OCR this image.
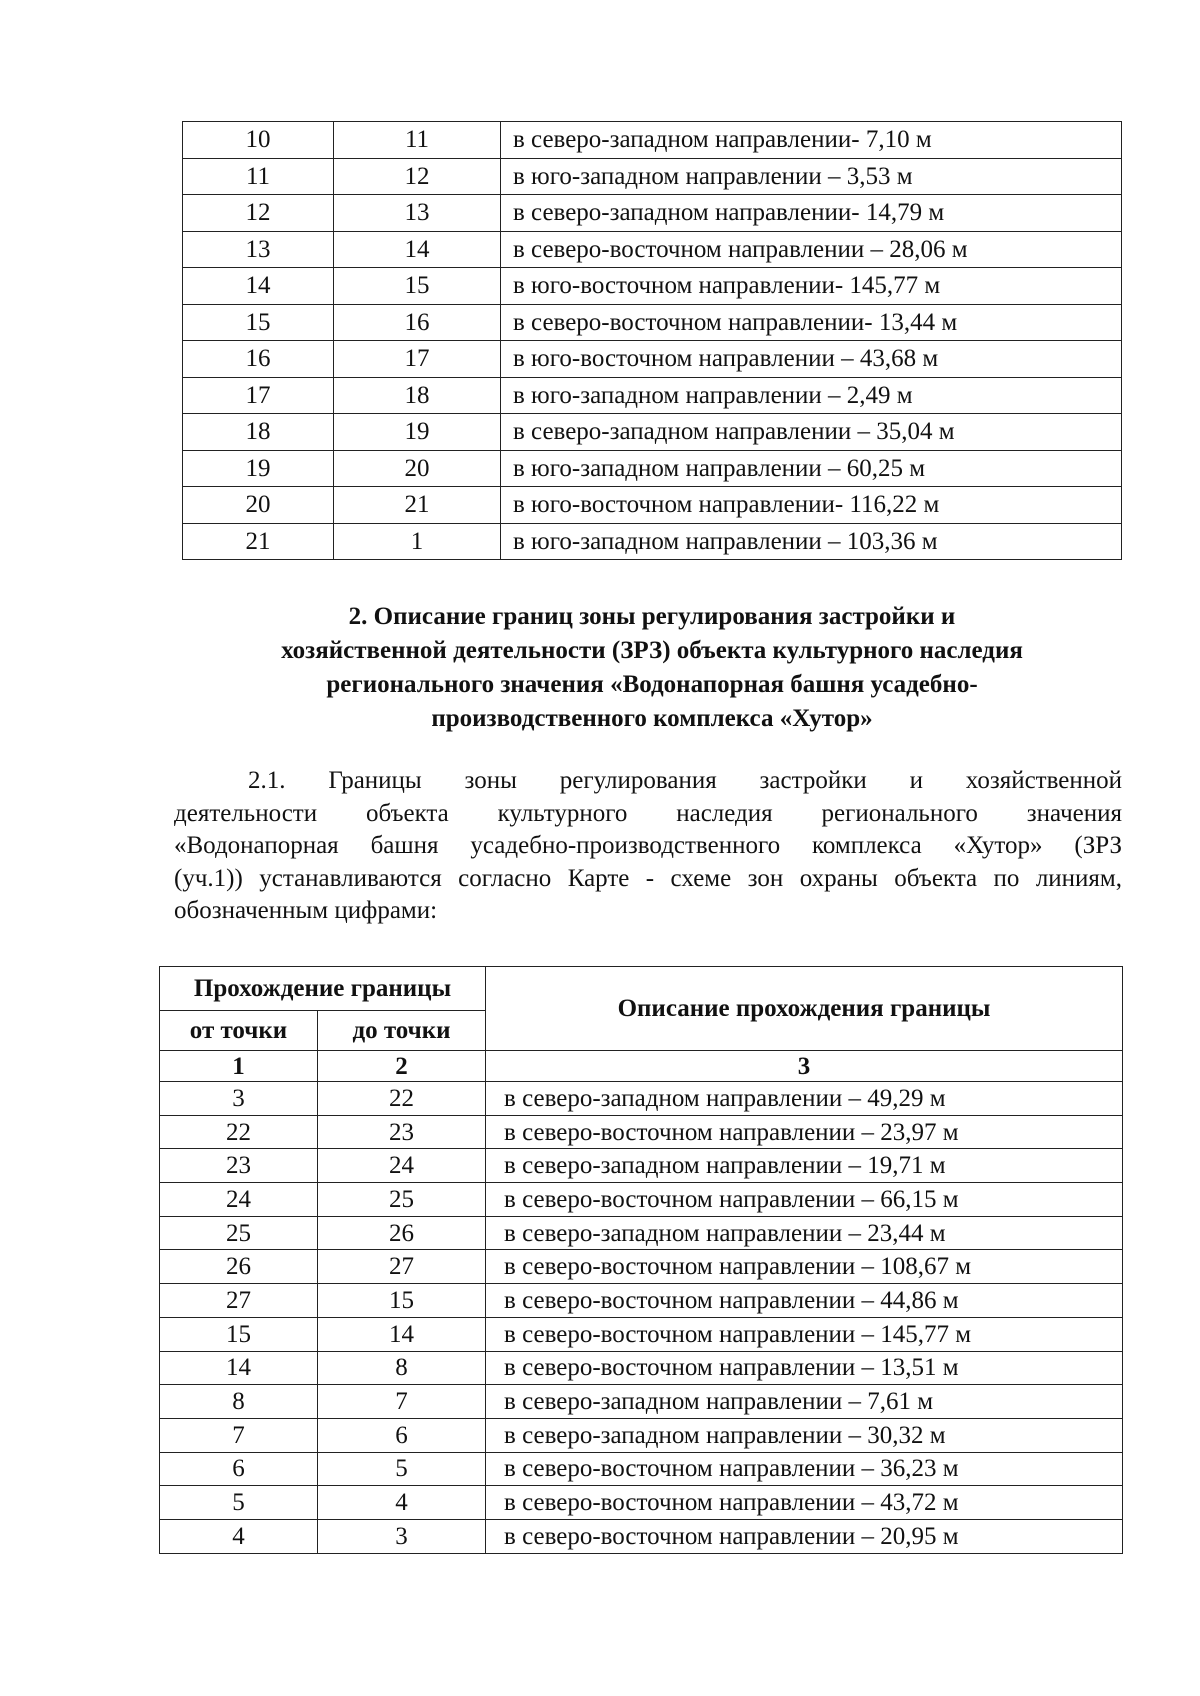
10	11	в северо-западном направлении- 7,10 м
11	12	в юго-западном направлении – 3,53 м
12	13	в северо-западном направлении- 14,79 м
13	14	в северо-восточном направлении – 28,06 м
14	15	в юго-восточном направлении- 145,77 м
15	16	в северо-восточном направлении- 13,44 м
16	17	в юго-восточном направлении – 43,68 м
17	18	в юго-западном направлении – 2,49 м
18	19	в северо-западном направлении – 35,04 м
19	20	в юго-западном направлении – 60,25 м
20	21	в юго-восточном направлении- 116,22 м
21	1	в юго-западном направлении – 103,36 м
2. Описание границ зоны регулирования застройки и
хозяйственной деятельности (ЗРЗ) объекта культурного наследия
регионального значения «Водонапорная башня усадебно-
производственного комплекса «Хутор»
2.1. Границы зоны регулирования застройки и хозяйственной
деятельности объекта культурного наследия регионального значения
«Водонапорная башня усадебно-производственного комплекса «Хутор» (ЗРЗ
(уч.1)) устанавливаются согласно Карте - схеме зон охраны объекта по линиям,
обозначенным цифрами:
Прохождение границы		Описание прохождения границы
от точки	до точки	
1	2	3
3	22	в северо-западном направлении – 49,29 м
22	23	в северо-восточном направлении – 23,97 м
23	24	в северо-западном направлении – 19,71 м
24	25	в северо-восточном направлении – 66,15 м
25	26	в северо-западном направлении – 23,44 м
26	27	в северо-восточном направлении – 108,67 м
27	15	в северо-восточном направлении – 44,86 м
15	14	в северо-восточном направлении – 145,77 м
14	8	в северо-восточном направлении – 13,51 м
8	7	в северо-западном направлении – 7,61 м
7	6	в северо-западном направлении – 30,32 м
6	5	в северо-восточном направлении – 36,23 м
5	4	в северо-восточном направлении – 43,72 м
4	3	в северо-восточном направлении – 20,95 м
